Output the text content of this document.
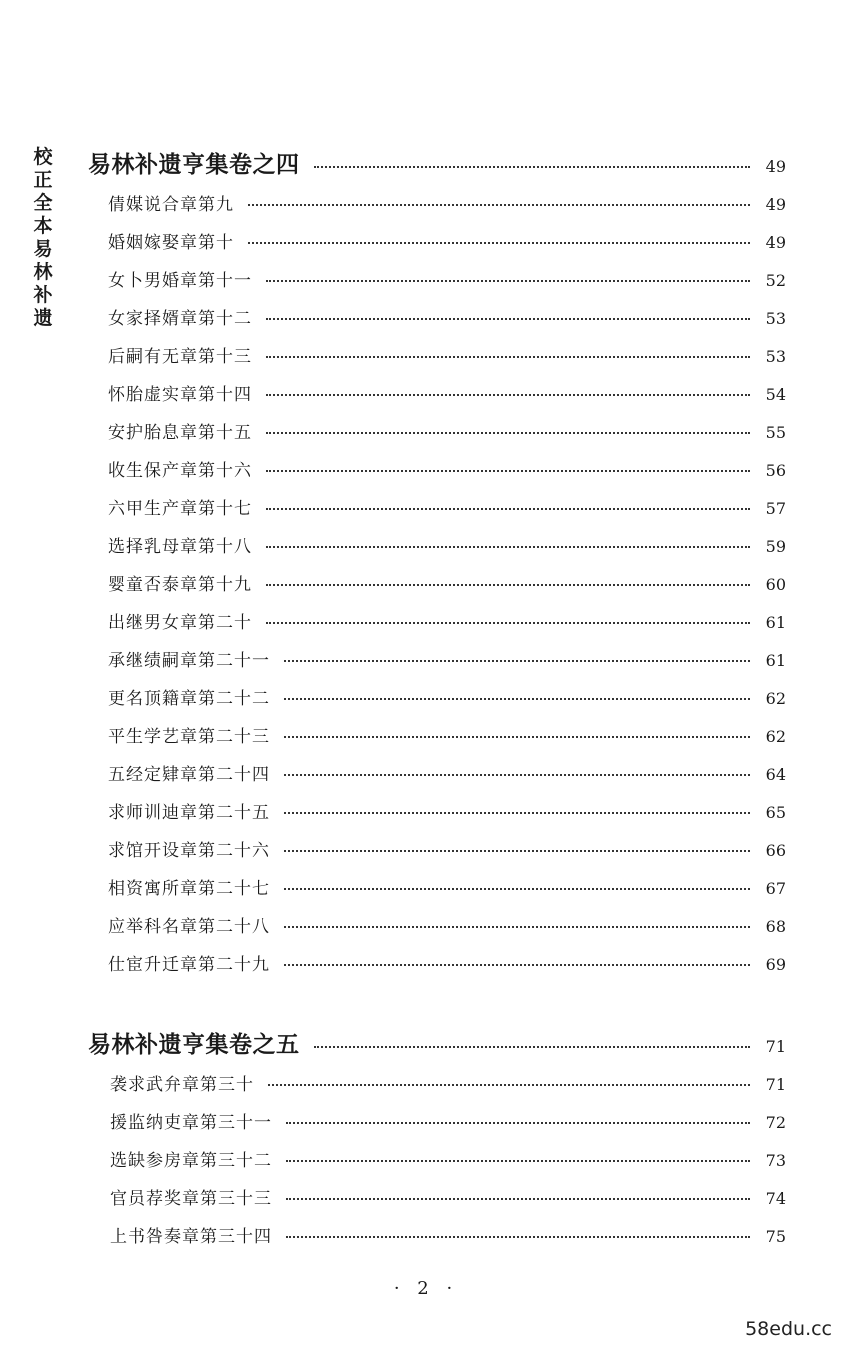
校正全本易林补遗
易林补遗亨集卷之四	49
倩媒说合章第九	49
婚姻嫁娶章第十	49
女卜男婚章第十一	52
女家择婿章第十二	53
后嗣有无章第十三	53
怀胎虚实章第十四	54
安护胎息章第十五	55
收生保产章第十六	56
六甲生产章第十七	57
选择乳母章第十八	59
婴童否泰章第十九	60
出继男女章第二十	61
承继绩嗣章第二十一	61
更名顶籍章第二十二	62
平生学艺章第二十三	62
五经定肄章第二十四	64
求师训迪章第二十五	65
求馆开设章第二十六	66
相资寓所章第二十七	67
应举科名章第二十八	68
仕宦升迁章第二十九	69
易林补遗亨集卷之五	71
袭求武弁章第三十	71
援监纳吏章第三十一	72
选缺参房章第三十二	73
官员荐奖章第三十三	74
上书咎奏章第三十四	75
· 2 ·
58edu.cc
